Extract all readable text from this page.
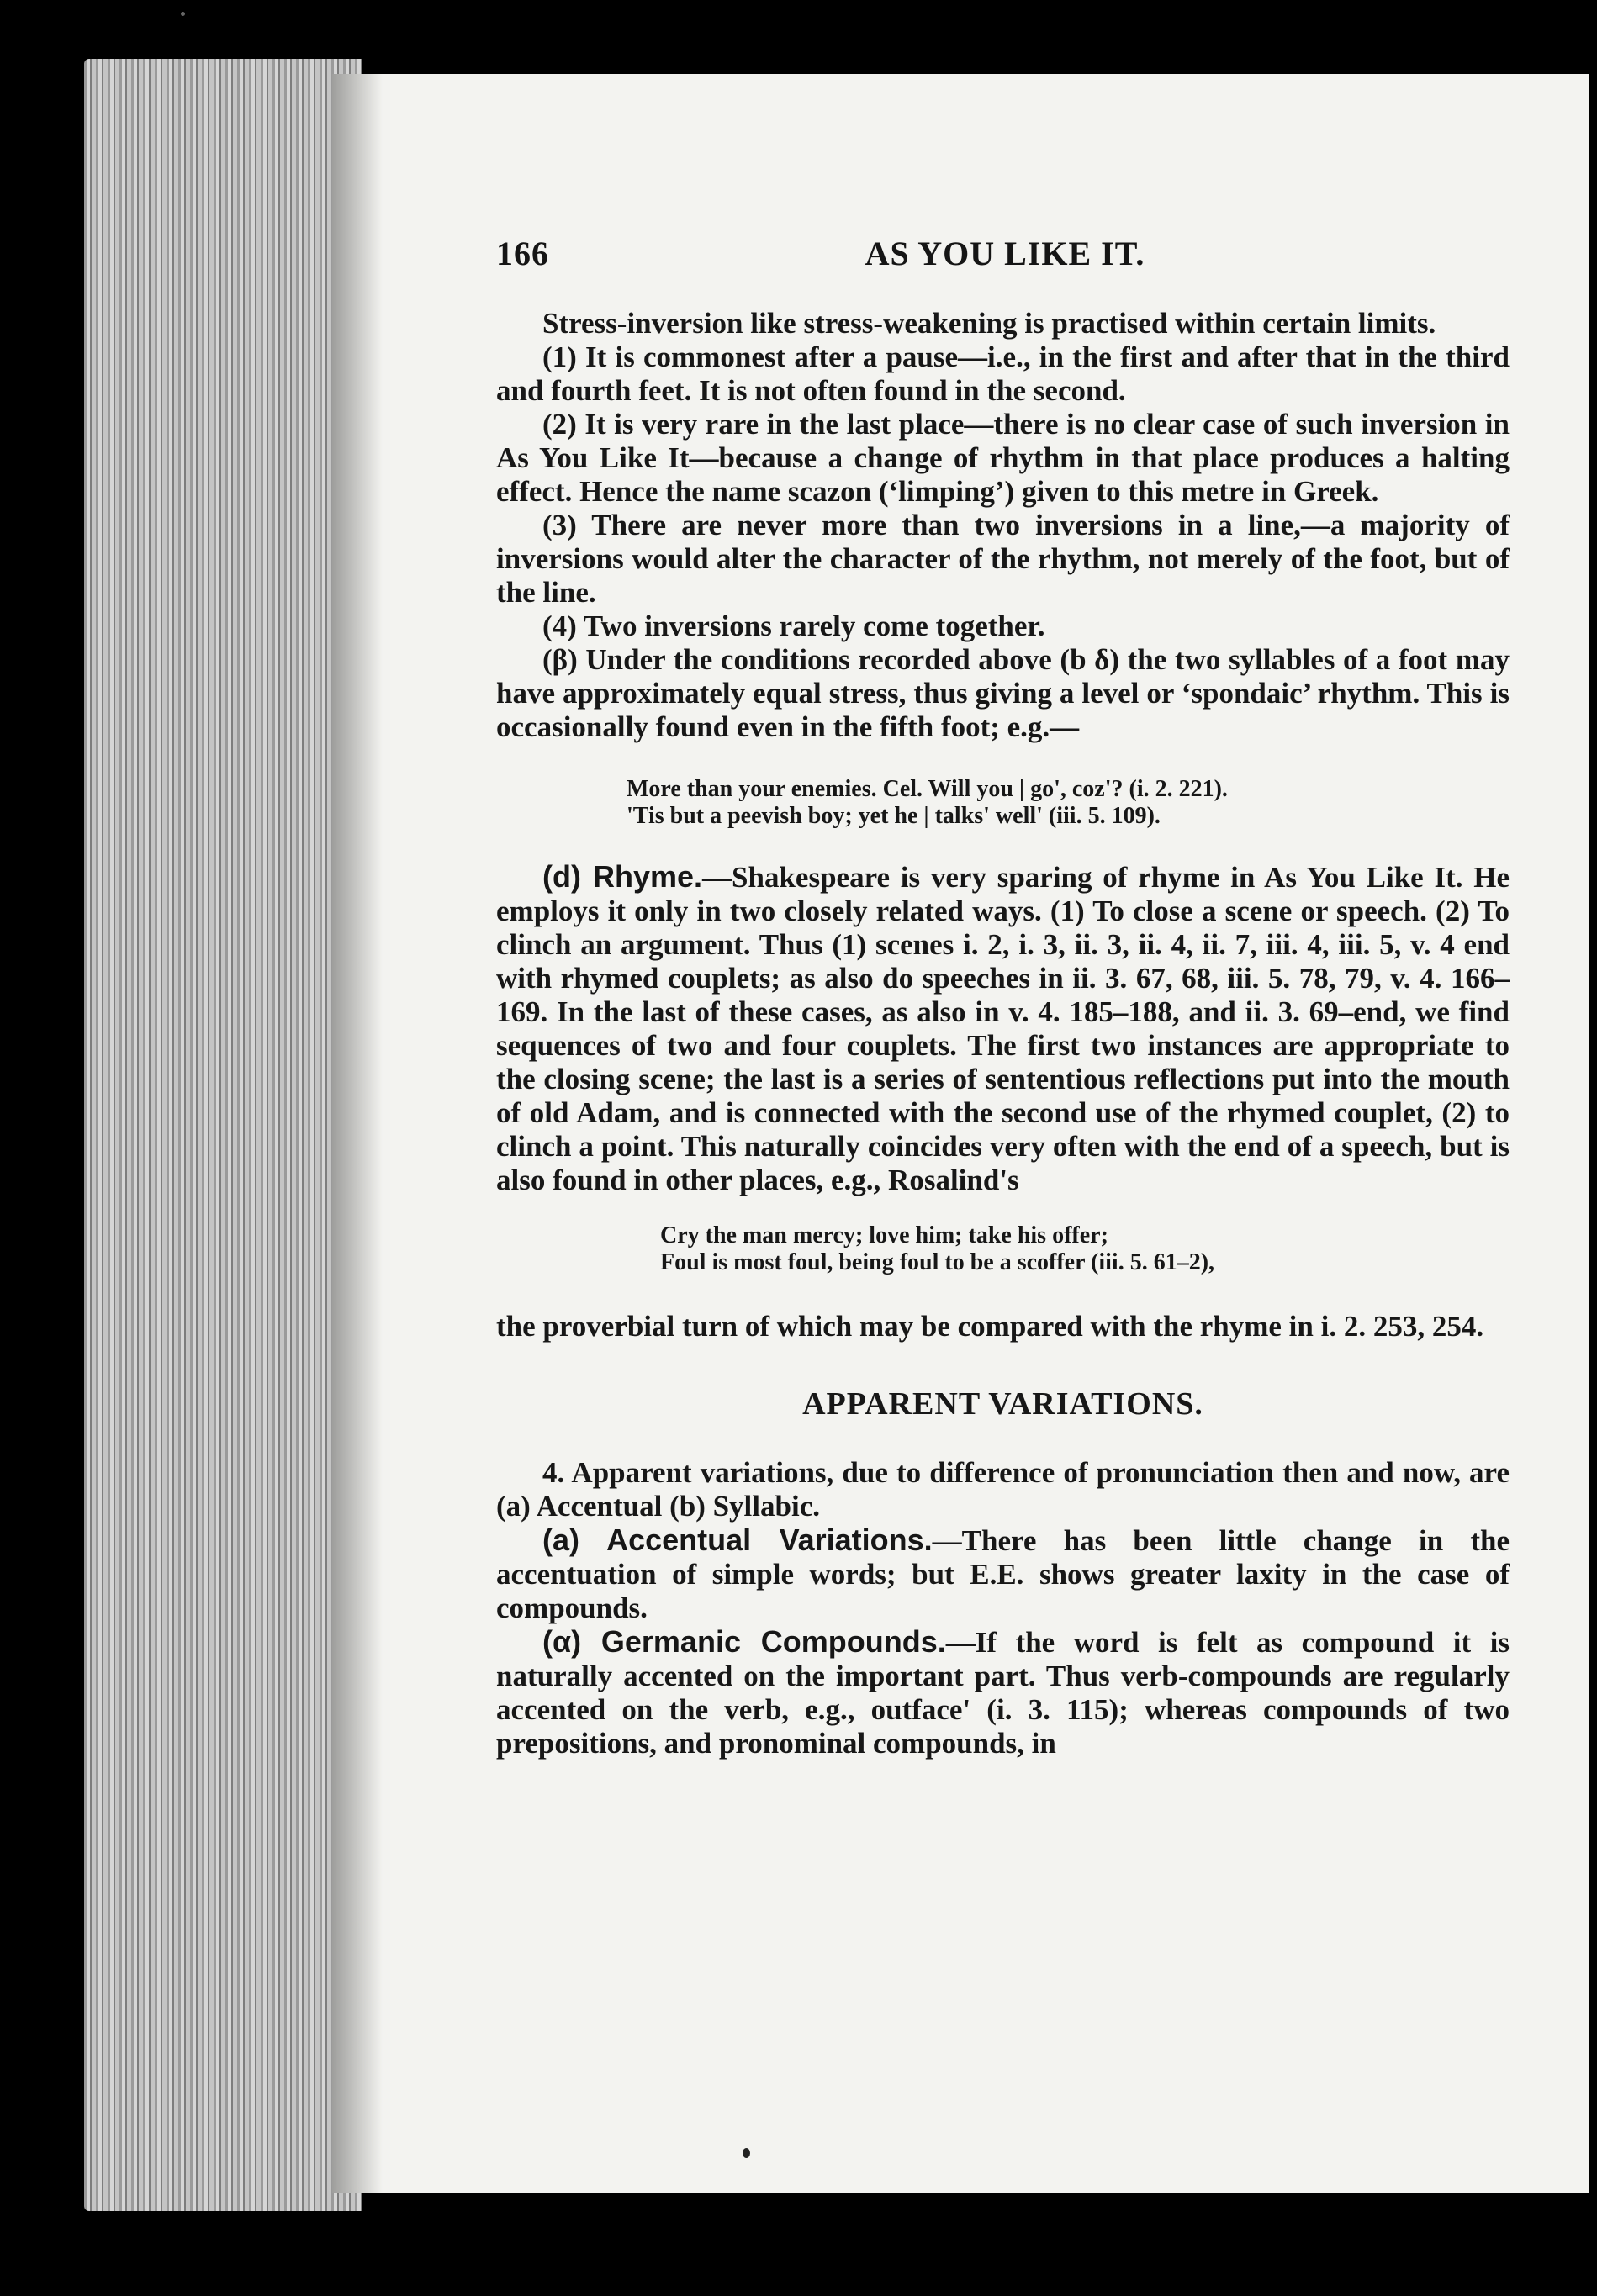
166	AS YOU LIKE IT.

Stress-inversion like stress-weakening is practised within certain limits.

(1) It is commonest after a pause—i.e., in the first and after that in the third and fourth feet. It is not often found in the second.

(2) It is very rare in the last place—there is no clear case of such inversion in As You Like It—because a change of rhythm in that place produces a halting effect. Hence the name scazon (‘limping’) given to this metre in Greek.

(3) There are never more than two inversions in a line,—a majority of inversions would alter the character of the rhythm, not merely of the foot, but of the line.

(4) Two inversions rarely come together.

(β) Under the conditions recorded above (b δ) the two syllables of a foot may have approximately equal stress, thus giving a level or ‘spondaic’ rhythm. This is occasionally found even in the fifth foot; e.g.—

More than your enemies. Cel. Will you | go', coz'? (i. 2. 221).
'Tis but a peevish boy; yet he | talks' well' (iii. 5. 109).

(d) Rhyme.—Shakespeare is very sparing of rhyme in As You Like It. He employs it only in two closely related ways. (1) To close a scene or speech. (2) To clinch an argument. Thus (1) scenes i. 2, i. 3, ii. 3, ii. 4, ii. 7, iii. 4, iii. 5, v. 4 end with rhymed couplets; as also do speeches in ii. 3. 67, 68, iii. 5. 78, 79, v. 4. 166–169. In the last of these cases, as also in v. 4. 185–188, and ii. 3. 69–end, we find sequences of two and four couplets. The first two instances are appropriate to the closing scene; the last is a series of sententious reflections put into the mouth of old Adam, and is connected with the second use of the rhymed couplet, (2) to clinch a point. This naturally coincides very often with the end of a speech, but is also found in other places, e.g., Rosalind's

Cry the man mercy; love him; take his offer;
Foul is most foul, being foul to be a scoffer (iii. 5. 61–2),

the proverbial turn of which may be compared with the rhyme in i. 2. 253, 254.

APPARENT VARIATIONS.

4. Apparent variations, due to difference of pronunciation then and now, are (a) Accentual (b) Syllabic.

(a) Accentual Variations.—There has been little change in the accentuation of simple words; but E.E. shows greater laxity in the case of compounds.

(α) Germanic Compounds.—If the word is felt as compound it is naturally accented on the important part. Thus verb-compounds are regularly accented on the verb, e.g., outface' (i. 3. 115); whereas compounds of two prepositions, and pronominal compounds, in
